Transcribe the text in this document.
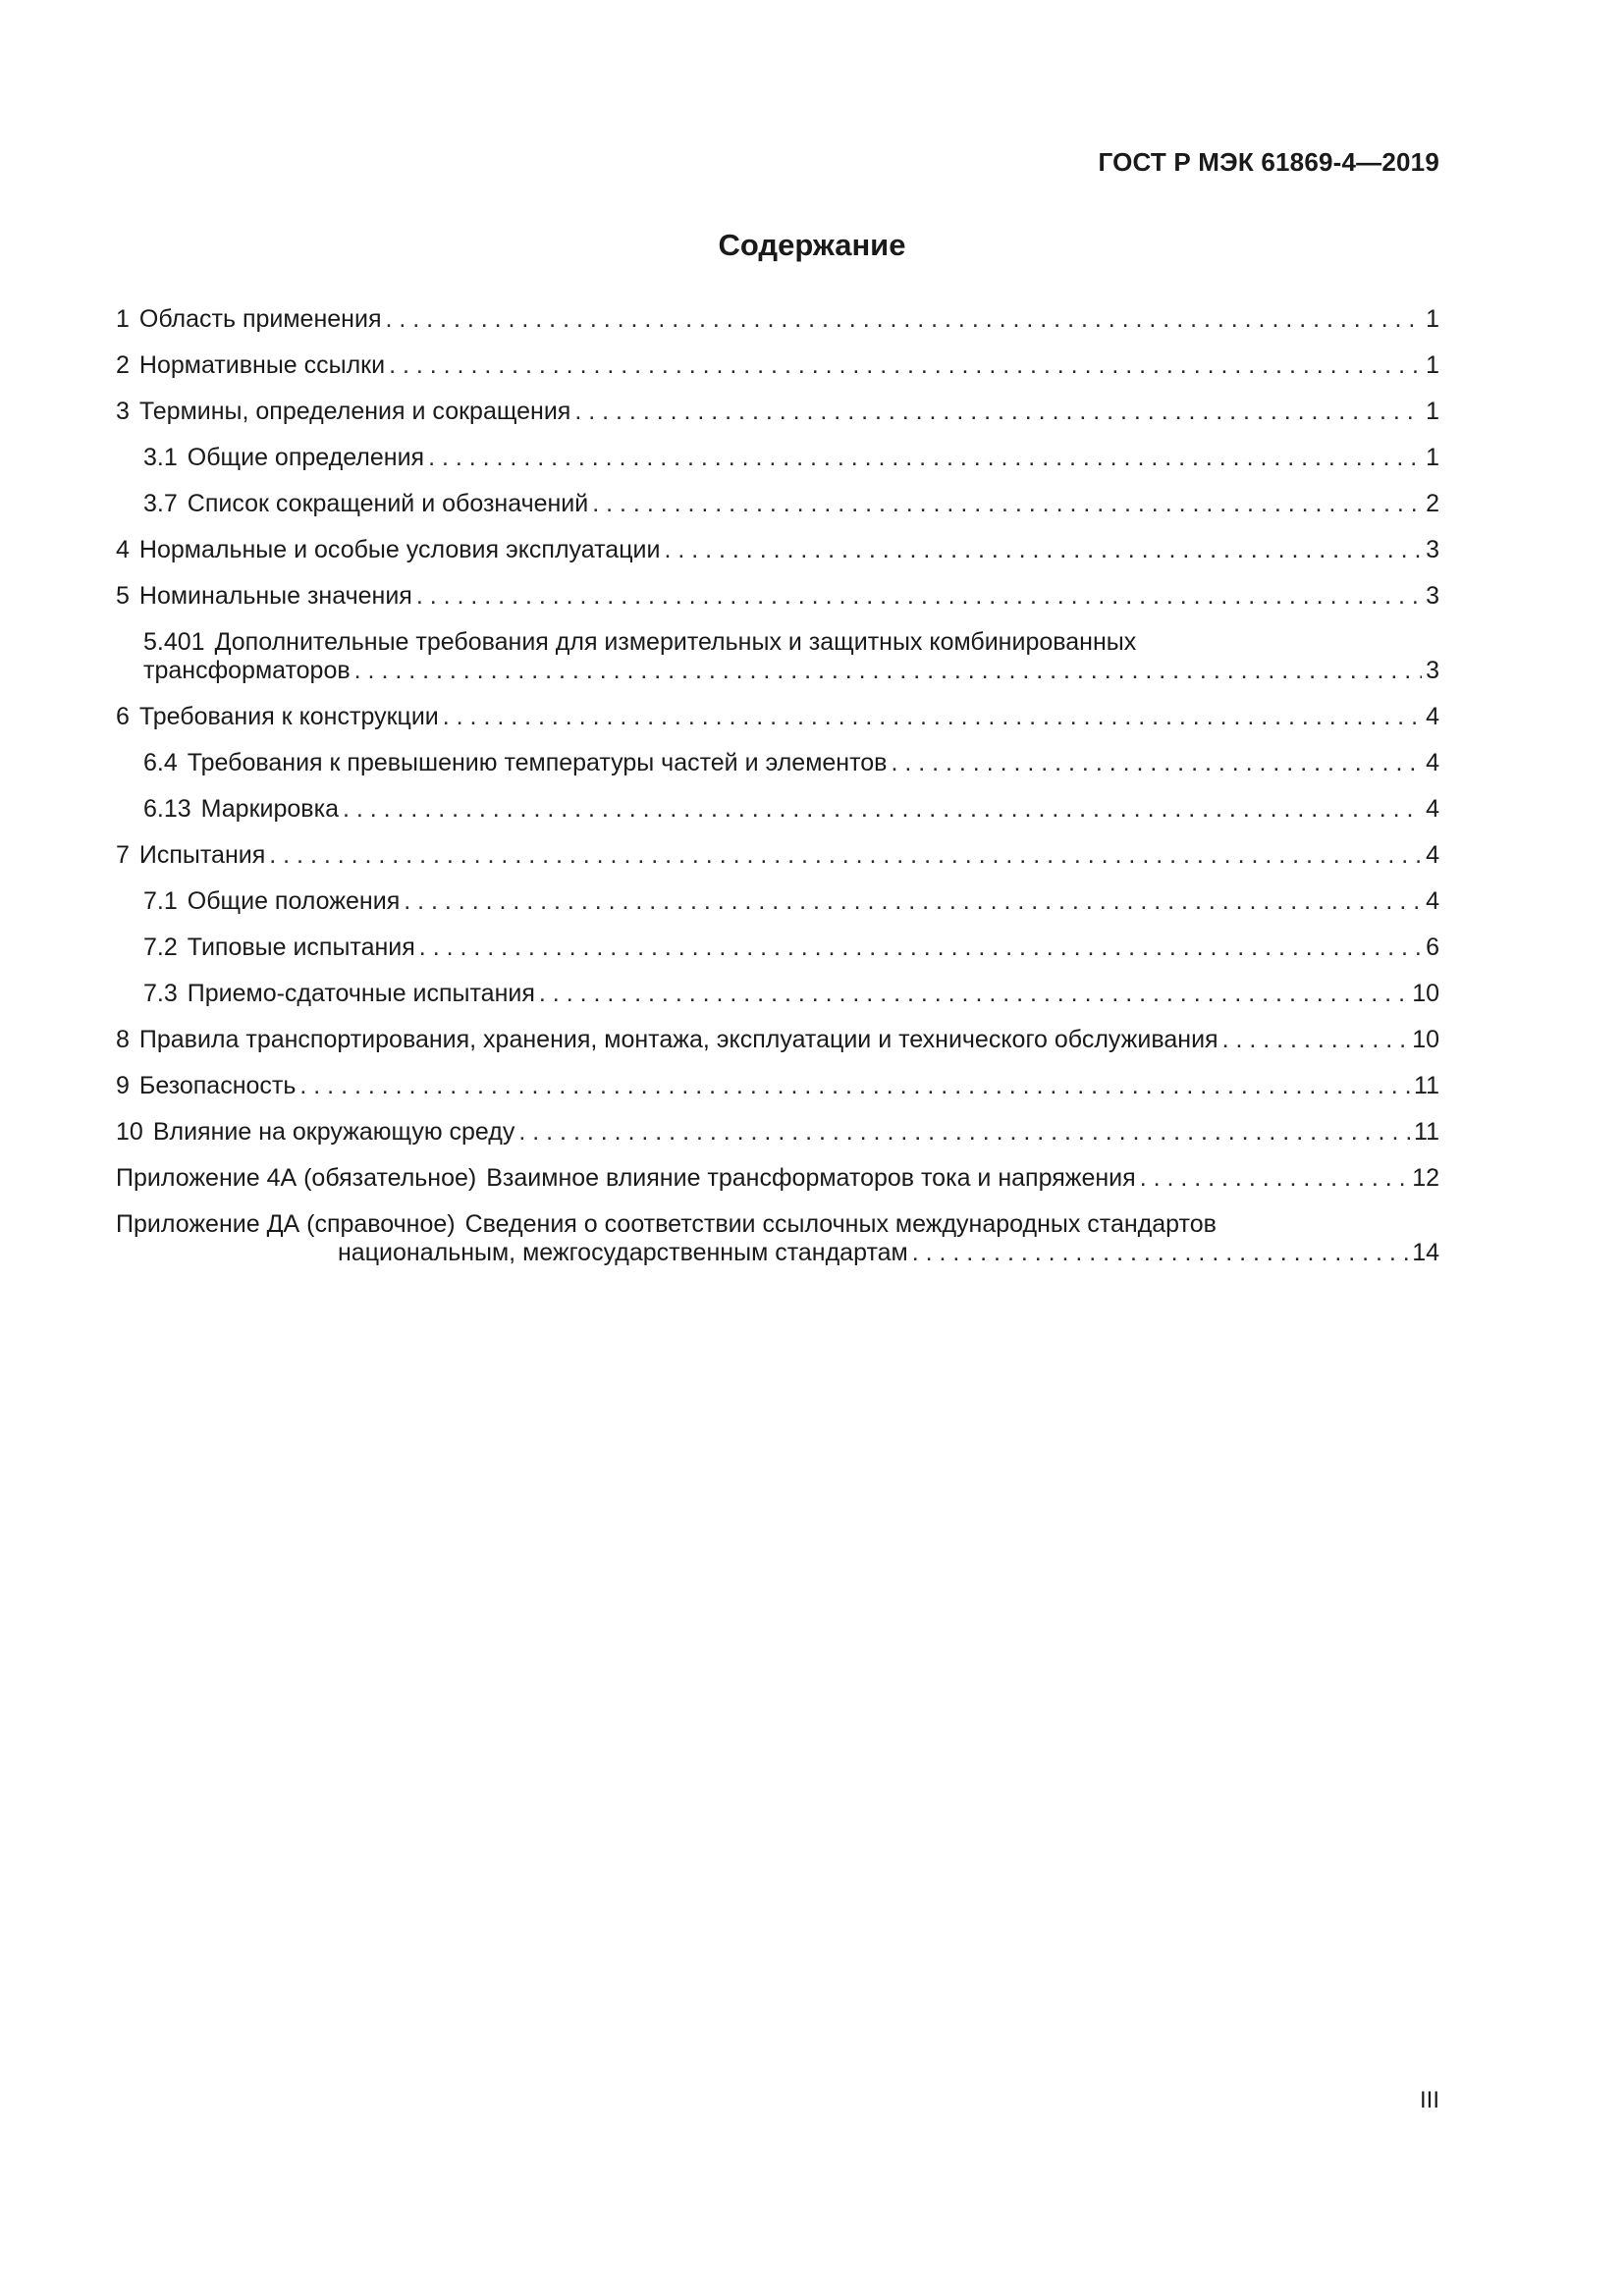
ГОСТ Р МЭК 61869-4—2019
Содержание
1 Область применения . . .	1
2 Нормативные ссылки . . .	1
3 Термины, определения и сокращения . . .	1
3.1 Общие определения . . .	1
3.7 Список сокращений и обозначений . . .	2
4 Нормальные и особые условия эксплуатации . . .	3
5 Номинальные значения . . .	3
5.401 Дополнительные требования для измерительных и защитных комбинированных
трансформаторов . . .	3
6 Требования к конструкции . . .	4
6.4 Требования к превышению температуры частей и элементов . . .	4
6.13 Маркировка . . .	4
7 Испытания . . .	4
7.1 Общие положения . . .	4
7.2 Типовые испытания . . .	6
7.3 Приемо-сдаточные испытания . . .	10
8 Правила транспортирования, хранения, монтажа, эксплуатации и технического обслуживания . . .	10
9 Безопасность . . .	11
10 Влияние на окружающую среду . . .	11
Приложение 4А (обязательное) Взаимное влияние трансформаторов тока и напряжения . . .	12
Приложение ДА (справочное) Сведения о соответствии ссылочных международных стандартов
национальным, межгосударственным стандартам . . .	14
III
